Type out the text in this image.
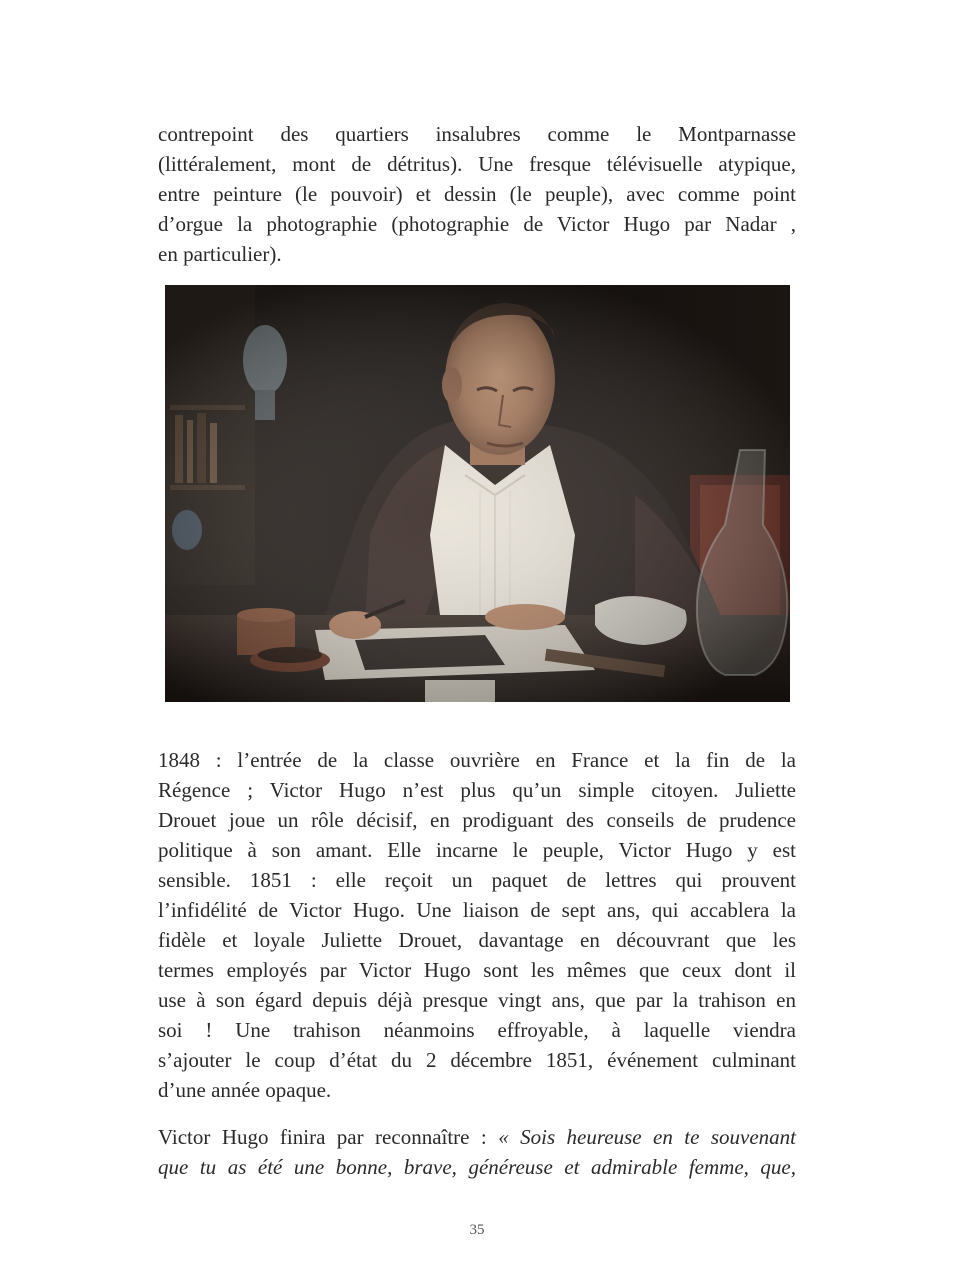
contrepoint des quartiers insalubres comme le Montparnasse
(littéralement, mont de détritus). Une fresque télévisuelle atypique,
entre peinture (le pouvoir) et dessin (le peuple), avec comme point
d’orgue la photographie (photographie de Victor Hugo par Nadar ,
en particulier).
1848 : l’entrée de la classe ouvrière en France et la fin de la
Régence ; Victor Hugo n’est plus qu’un simple citoyen. Juliette
Drouet joue un rôle décisif, en prodiguant des conseils de prudence
politique à son amant. Elle incarne le peuple, Victor Hugo y est
sensible. 1851 : elle reçoit un paquet de lettres qui prouvent
l’infidélité de Victor Hugo. Une liaison de sept ans, qui accablera la
fidèle et loyale Juliette Drouet, davantage en découvrant que les
termes employés par Victor Hugo sont les mêmes que ceux dont il
use à son égard depuis déjà presque vingt ans, que par la trahison en
soi ! Une trahison néanmoins effroyable, à laquelle viendra
s’ajouter le coup d’état du 2 décembre 1851, événement culminant
d’une année opaque.
Victor Hugo finira par reconnaître : « Sois heureuse en te souvenant
que tu as été une bonne, brave, généreuse et admirable femme, que,
35
